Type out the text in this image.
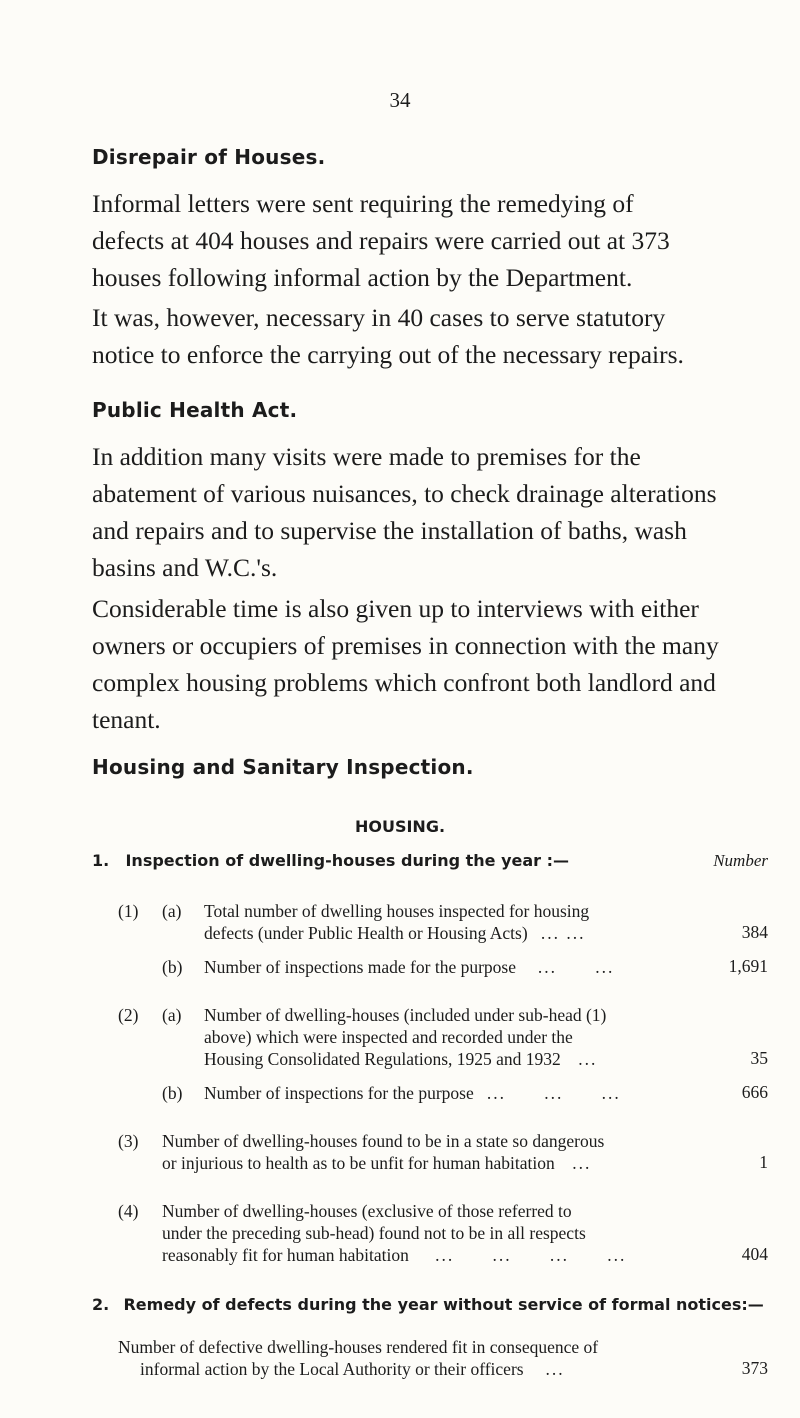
34
Disrepair of Houses.
Informal letters were sent requiring the remedying of
defects at 404 houses and repairs were carried out at 373
houses following informal action by the Department.
It was, however, necessary in 40 cases to serve statutory
notice to enforce the carrying out of the necessary repairs.
Public Health Act.
In addition many visits were made to premises for the
abatement of various nuisances, to check drainage alterations
and repairs and to supervise the installation of baths, wash
basins and W.C.'s.
Considerable time is also given up to interviews with either
owners or occupiers of premises in connection with the many
complex housing problems which confront both landlord and
tenant.
Housing and Sanitary Inspection.
HOUSING.
1. Inspection of dwelling-houses during the year :—	Number
(1) (a) Total number of dwelling houses inspected for housing
defects (under Public Health or Housing Acts) ... ...	384
(b) Number of inspections made for the purpose ...      ...	1,691
(2) (a) Number of dwelling-houses (included under sub-head (1)
above) which were inspected and recorded under the
Housing Consolidated Regulations, 1925 and 1932 ...	35
(b) Number of inspections for the purpose ...      ...      ...	666
(3) Number of dwelling-houses found to be in a state so dangerous
or injurious to health as to be unfit for human habitation ...	1
(4) Number of dwelling-houses (exclusive of those referred to
under the preceding sub-head) found not to be in all respects
reasonably fit for human habitation ...      ...      ...      ...	404
2. Remedy of defects during the year without service of formal notices:—
Number of defective dwelling-houses rendered fit in consequence of
informal action by the Local Authority or their officers ...	373
